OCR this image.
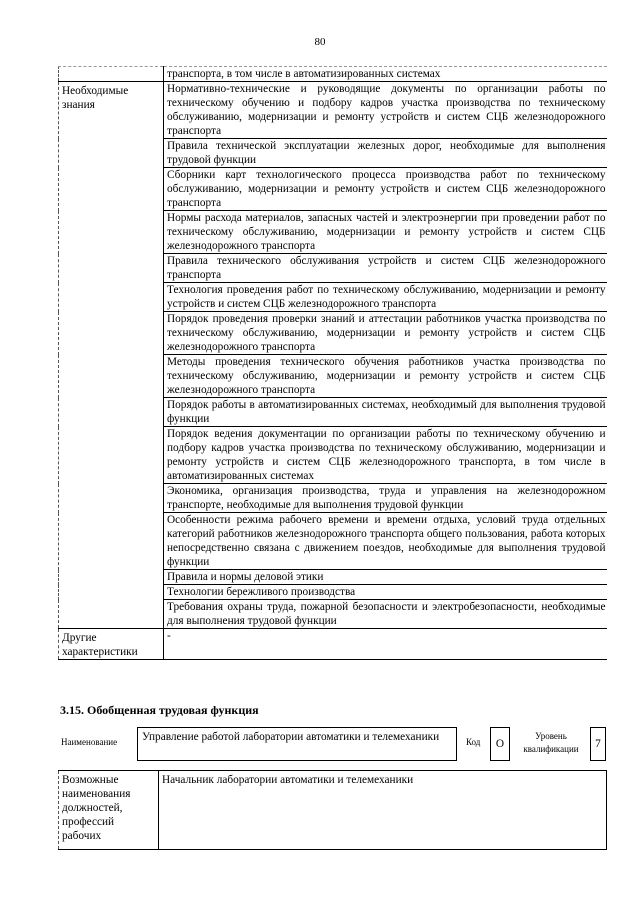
80
	транспорта, в том числе в автоматизированных системах
Необходимые знания	Нормативно-технические и руководящие документы по организации работы по техническому обучению и подбору кадров участка производства по техническому обслуживанию, модернизации и ремонту устройств и систем СЦБ железнодорожного транспорта
	Правила технической эксплуатации железных дорог, необходимые для выполнения трудовой функции
	Сборники карт технологического процесса производства работ по техническому обслуживанию, модернизации и ремонту устройств и систем СЦБ железнодорожного транспорта
	Нормы расхода материалов, запасных частей и электроэнергии при проведении работ по техническому обслуживанию, модернизации и ремонту устройств и систем СЦБ железнодорожного транспорта
	Правила технического обслуживания устройств и систем СЦБ железнодорожного транспорта
	Технология проведения работ по техническому обслуживанию, модернизации и ремонту устройств и систем СЦБ железнодорожного транспорта
	Порядок проведения проверки знаний и аттестации работников участка производства по техническому обслуживанию, модернизации и ремонту устройств и систем СЦБ железнодорожного транспорта
	Методы проведения технического обучения работников участка производства по техническому обслуживанию, модернизации и ремонту устройств и систем СЦБ железнодорожного транспорта
	Порядок работы в автоматизированных системах, необходимый для выполнения трудовой функции
	Порядок ведения документации по организации работы по техническому обучению и подбору кадров участка производства по техническому обслуживанию, модернизации и ремонту устройств и систем СЦБ железнодорожного транспорта, в том числе в автоматизированных системах
	Экономика, организация производства, труда и управления на железнодорожном транспорте, необходимые для выполнения трудовой функции
	Особенности режима рабочего времени и времени отдыха, условий труда отдельных категорий работников железнодорожного транспорта общего пользования, работа которых непосредственно связана с движением поездов, необходимые для выполнения трудовой функции
	Правила и нормы деловой этики
	Технологии бережливого производства
	Требования охраны труда, пожарной безопасности и электробезопасности, необходимые для выполнения трудовой функции
Другие характеристики	-
3.15. Обобщенная трудовая функция
Наименование	Управление работой лаборатории автоматики и телемеханики	Код	O
Уровень квалификации	7
Возможные наименования должностей, профессий рабочих	Начальник лаборатории автоматики и телемеханики
